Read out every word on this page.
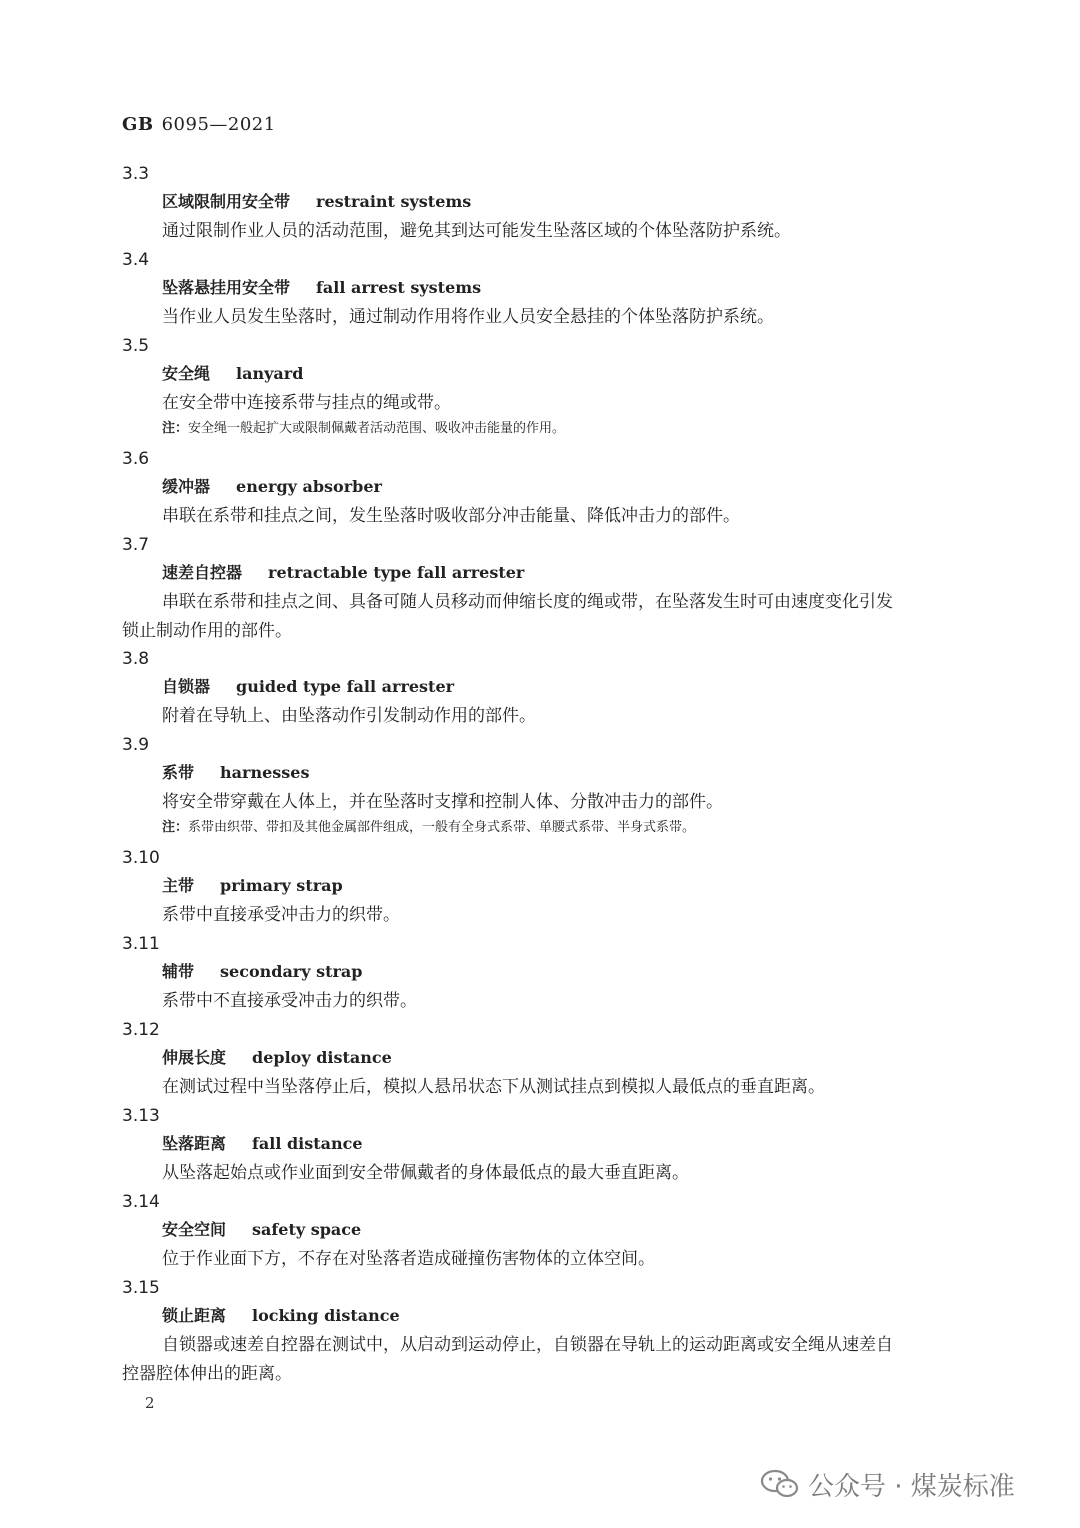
GB 6095—2021
3.3
区域限制用安全带 restraint systems
通过限制作业人员的活动范围，避免其到达可能发生坠落区域的个体坠落防护系统。
3.4
坠落悬挂用安全带 fall arrest systems
当作业人员发生坠落时，通过制动作用将作业人员安全悬挂的个体坠落防护系统。
3.5
安全绳 lanyard
在安全带中连接系带与挂点的绳或带。
注：安全绳一般起扩大或限制佩戴者活动范围、吸收冲击能量的作用。
3.6
缓冲器 energy absorber
串联在系带和挂点之间，发生坠落时吸收部分冲击能量、降低冲击力的部件。
3.7
速差自控器 retractable type fall arrester
串联在系带和挂点之间、具备可随人员移动而伸缩长度的绳或带，在坠落发生时可由速度变化引发
锁止制动作用的部件。
3.8
自锁器 guided type fall arrester
附着在导轨上、由坠落动作引发制动作用的部件。
3.9
系带 harnesses
将安全带穿戴在人体上，并在坠落时支撑和控制人体、分散冲击力的部件。
注：系带由织带、带扣及其他金属部件组成，一般有全身式系带、单腰式系带、半身式系带。
3.10
主带 primary strap
系带中直接承受冲击力的织带。
3.11
辅带 secondary strap
系带中不直接承受冲击力的织带。
3.12
伸展长度 deploy distance
在测试过程中当坠落停止后，模拟人悬吊状态下从测试挂点到模拟人最低点的垂直距离。
3.13
坠落距离 fall distance
从坠落起始点或作业面到安全带佩戴者的身体最低点的最大垂直距离。
3.14
安全空间 safety space
位于作业面下方，不存在对坠落者造成碰撞伤害物体的立体空间。
3.15
锁止距离 locking distance
自锁器或速差自控器在测试中，从启动到运动停止，自锁器在导轨上的运动距离或安全绳从速差自
控器腔体伸出的距离。
2
公众号 · 煤炭标准
